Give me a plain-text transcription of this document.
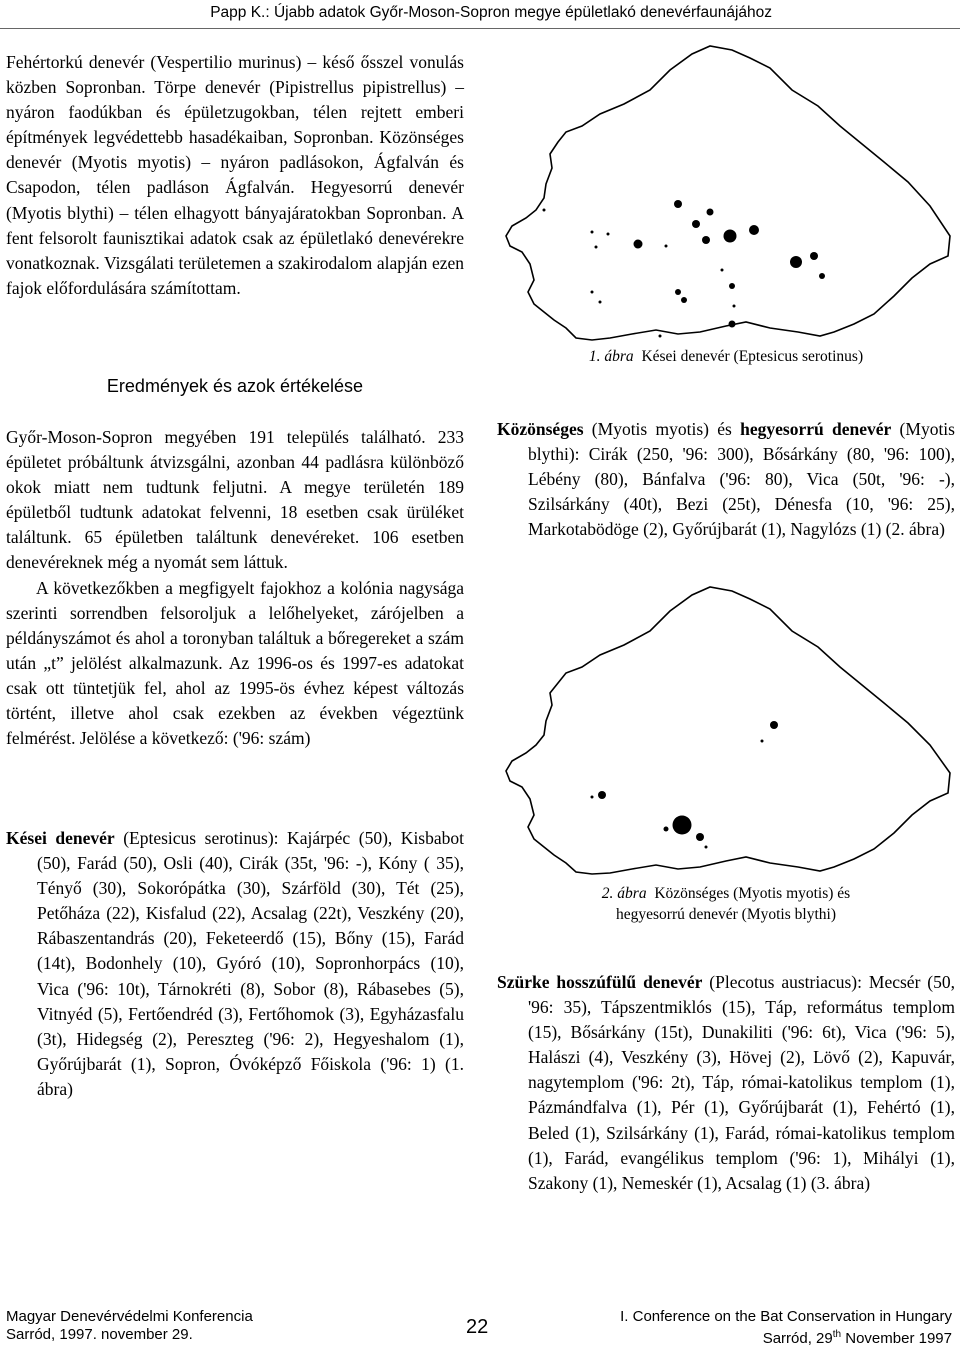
Papp K.: Újabb adatok Győr-Moson-Sopron megye épületlakó denevérfaunájához

Fehértorkú denevér (Vespertilio murinus) – késő ősszel vonulás közben Sopronban. Törpe denevér (Pipistrellus pipistrellus) – nyáron faodúkban és épületzugokban, télen rejtett emberi építmények legvédettebb hasadékaiban, Sopronban. Közönséges denevér (Myotis myotis) – nyáron padlásokon, Ágfalván és Csapodon, télen padláson Ágfalván. Hegyesorrú denevér (Myotis blythi) – télen elhagyott bányajáratokban Sopronban. A fent felsorolt faunisztikai adatok csak az épületlakó denevérekre vonatkoznak. Vizsgálati területemen a szakirodalom alapján ezen fajok előfordulására számítottam.

Eredmények és azok értékelése

Győr-Moson-Sopron megyében 191 település található. 233 épületet próbáltunk átvizsgálni, azonban 44 padlásra különböző okok miatt nem tudtunk feljutni. A megye területén 189 épületből tudtunk adatokat felvenni, 18 esetben csak ürüléket találtunk. 65 épületben találtunk denevéreket. 106 esetben denevéreknek még a nyomát sem láttuk.

A következőkben a megfigyelt fajokhoz a kolónia nagysága szerinti sorrendben felsoroljuk a lelőhelyeket, zárójelben a példányszámot és ahol a toronyban találtuk a bőregereket a szám után „t” jelölést alkalmazunk. Az 1996-os és 1997-es adatokat csak ott tüntetjük fel, ahol az 1995-ös évhez képest változás történt, illetve ahol csak ezekben az években végeztünk felmérést. Jelölése a következő: ('96: szám)

Kései denevér (Eptesicus serotinus): Kajárpéc (50), Kisbabot (50), Farád (50), Osli (40), Cirák (35t, '96: -), Kóny ( 35), Tényő (30), Sokorópátka (30), Szárföld (30), Tét (25), Petőháza (22), Kisfalud (22), Acsalag (22t), Veszkény (20), Rábaszentandrás (20), Feketeerdő (15), Bőny (15), Farád (14t), Bodonhely (10), Gyóró (10), Sopronhorpács (10), Vica ('96: 10t), Tárnokréti (8), Sobor (8), Rábasebes (5), Vitnyéd (5), Fertőendréd (3), Fertőhomok (3), Egyházasfalu (3t), Hidegség (2), Pereszteg ('96: 2), Hegyeshalom (1), Győrújbarát (1), Sopron, Óvóképző Főiskola ('96: 1) (1. ábra)

1. ábra Kései denevér (Eptesicus serotinus)

Közönséges (Myotis myotis) és hegyesorrú denevér (Myotis blythi): Cirák (250, '96: 300), Bősárkány (80, '96: 100), Lébény (80), Bánfalva ('96: 80), Vica (50t, '96: -), Szilsárkány (40t), Bezi (25t), Dénesfa (10, '96: 25), Markotabödöge (2), Győrújbarát (1), Nagylózs (1) (2. ábra)

2. ábra Közönséges (Myotis myotis) és
hegyesorrú denevér (Myotis blythi)

Szürke hosszúfülű denevér (Plecotus austriacus): Mecsér (50, '96: 35), Tápszentmiklós (15), Táp, református templom (15), Bősárkány (15t), Dunakiliti ('96: 6t), Vica ('96: 5), Halászi (4), Veszkény (3), Hövej (2), Lövő (2), Kapuvár, nagytemplom ('96: 2t), Táp, római-katolikus templom (1), Pázmándfalva (1), Pér (1), Győrújbarát (1), Fehértó (1), Beled (1), Szilsárkány (1), Farád, római-katolikus templom (1), Farád, evangélikus templom ('96: 1), Mihályi (1), Szakony (1), Nemeskér (1), Acsalag (1) (3. ábra)

Magyar Denevérvédelmi Konferencia
Sarród, 1997. november 29.	22	I. Conference on the Bat Conservation in Hungary
Sarród, 29th November 1997
